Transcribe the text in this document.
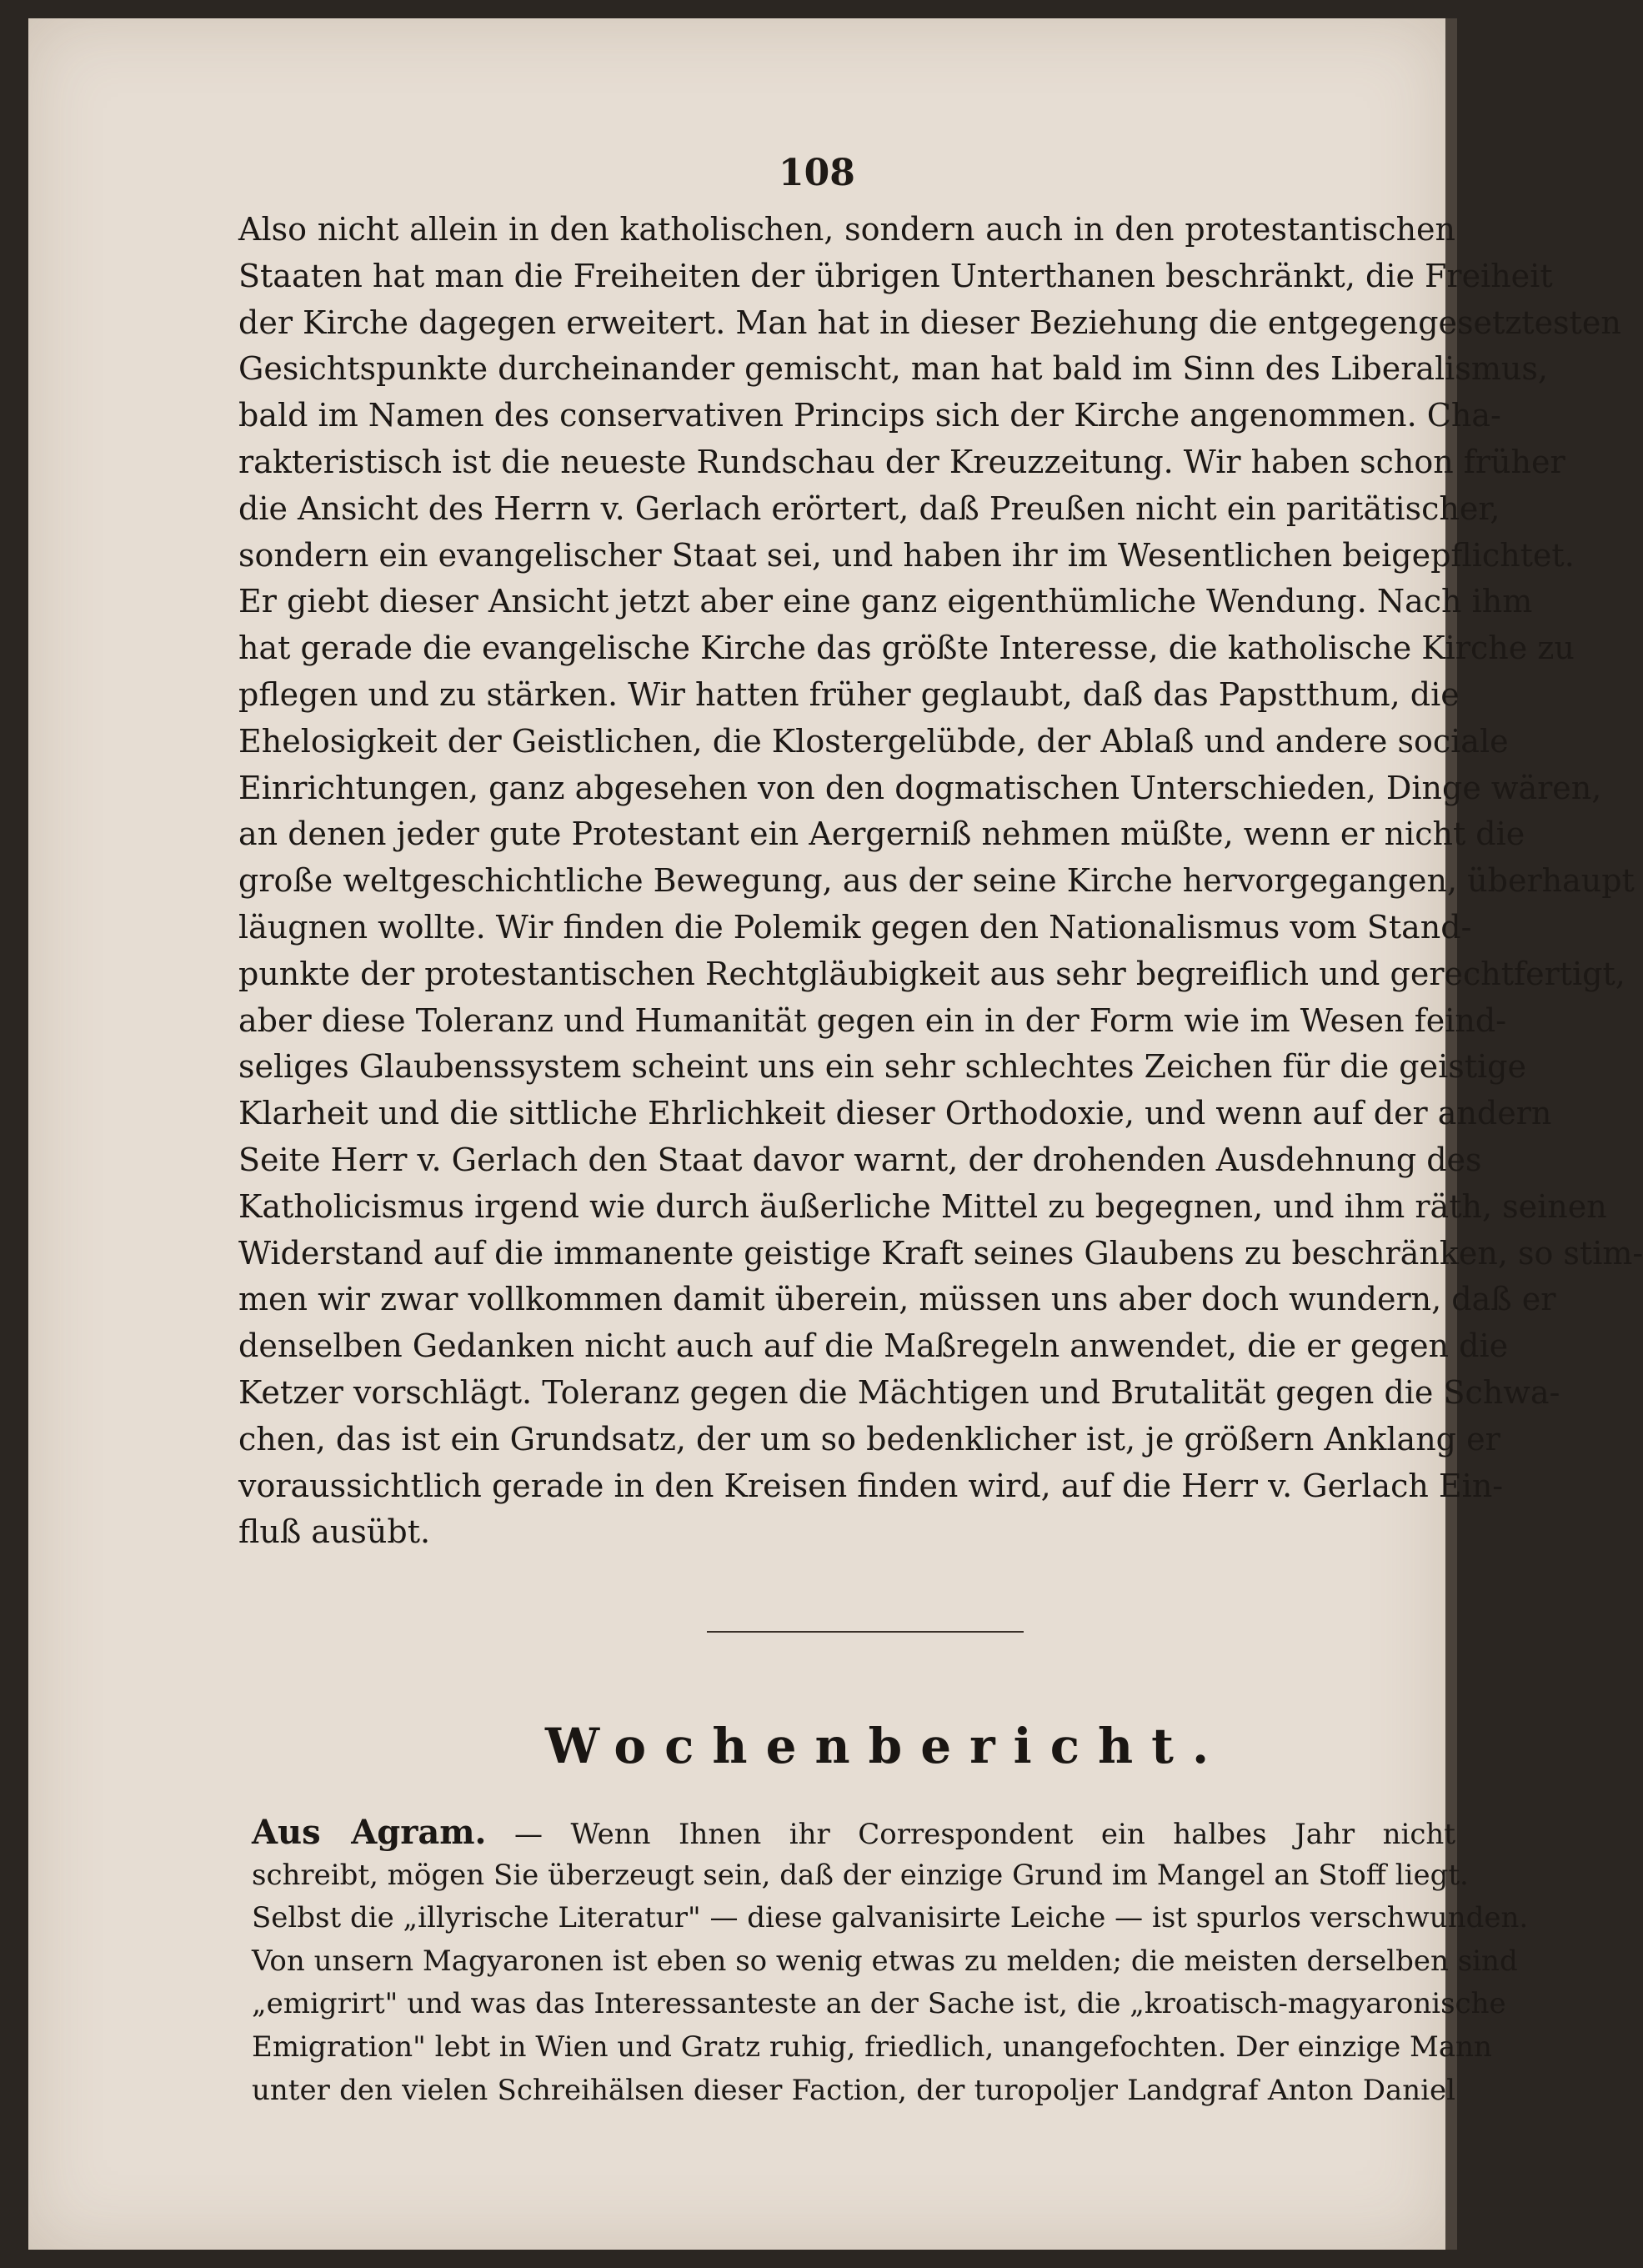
108
Also nicht allein in den katholischen, sondern auch in den protestantischen
Staaten hat man die Freiheiten der übrigen Unterthanen beschränkt, die Freiheit
der Kirche dagegen erweitert. Man hat in dieser Beziehung die entgegengesetztesten
Gesichtspunkte durcheinander gemischt, man hat bald im Sinn des Liberalismus,
bald im Namen des conservativen Princips sich der Kirche angenommen. Cha-
rakteristisch ist die neueste Rundschau der Kreuzzeitung. Wir haben schon früher
die Ansicht des Herrn v. Gerlach erörtert, daß Preußen nicht ein paritätischer,
sondern ein evangelischer Staat sei, und haben ihr im Wesentlichen beigepflichtet.
Er giebt dieser Ansicht jetzt aber eine ganz eigenthümliche Wendung. Nach ihm
hat gerade die evangelische Kirche das größte Interesse, die katholische Kirche zu
pflegen und zu stärken. Wir hatten früher geglaubt, daß das Papstthum, die
Ehelosigkeit der Geistlichen, die Klostergelübde, der Ablaß und andere sociale
Einrichtungen, ganz abgesehen von den dogmatischen Unterschieden, Dinge wären,
an denen jeder gute Protestant ein Aergerniß nehmen müßte, wenn er nicht die
große weltgeschichtliche Bewegung, aus der seine Kirche hervorgegangen, überhaupt
läugnen wollte. Wir finden die Polemik gegen den Nationalismus vom Stand-
punkte der protestantischen Rechtgläubigkeit aus sehr begreiflich und gerechtfertigt,
aber diese Toleranz und Humanität gegen ein in der Form wie im Wesen feind-
seliges Glaubenssystem scheint uns ein sehr schlechtes Zeichen für die geistige
Klarheit und die sittliche Ehrlichkeit dieser Orthodoxie, und wenn auf der andern
Seite Herr v. Gerlach den Staat davor warnt, der drohenden Ausdehnung des
Katholicismus irgend wie durch äußerliche Mittel zu begegnen, und ihm räth, seinen
Widerstand auf die immanente geistige Kraft seines Glaubens zu beschränken, so stim-
men wir zwar vollkommen damit überein, müssen uns aber doch wundern, daß er
denselben Gedanken nicht auch auf die Maßregeln anwendet, die er gegen die
Ketzer vorschlägt. Toleranz gegen die Mächtigen und Brutalität gegen die Schwa-
chen, das ist ein Grundsatz, der um so bedenklicher ist, je größern Anklang er
voraussichtlich gerade in den Kreisen finden wird, auf die Herr v. Gerlach Ein-
fluß ausübt.
Wochenbericht.
Aus Agram. — Wenn Ihnen ihr Correspondent ein halbes Jahr nicht
schreibt, mögen Sie überzeugt sein, daß der einzige Grund im Mangel an Stoff liegt.
Selbst die „illyrische Literatur" — diese galvanisirte Leiche — ist spurlos verschwunden.
Von unsern Magyaronen ist eben so wenig etwas zu melden; die meisten derselben sind
„emigrirt" und was das Interessanteste an der Sache ist, die „kroatisch-magyaronische
Emigration" lebt in Wien und Gratz ruhig, friedlich, unangefochten. Der einzige Mann
unter den vielen Schreihälsen dieser Faction, der turopoljer Landgraf Anton Daniel
